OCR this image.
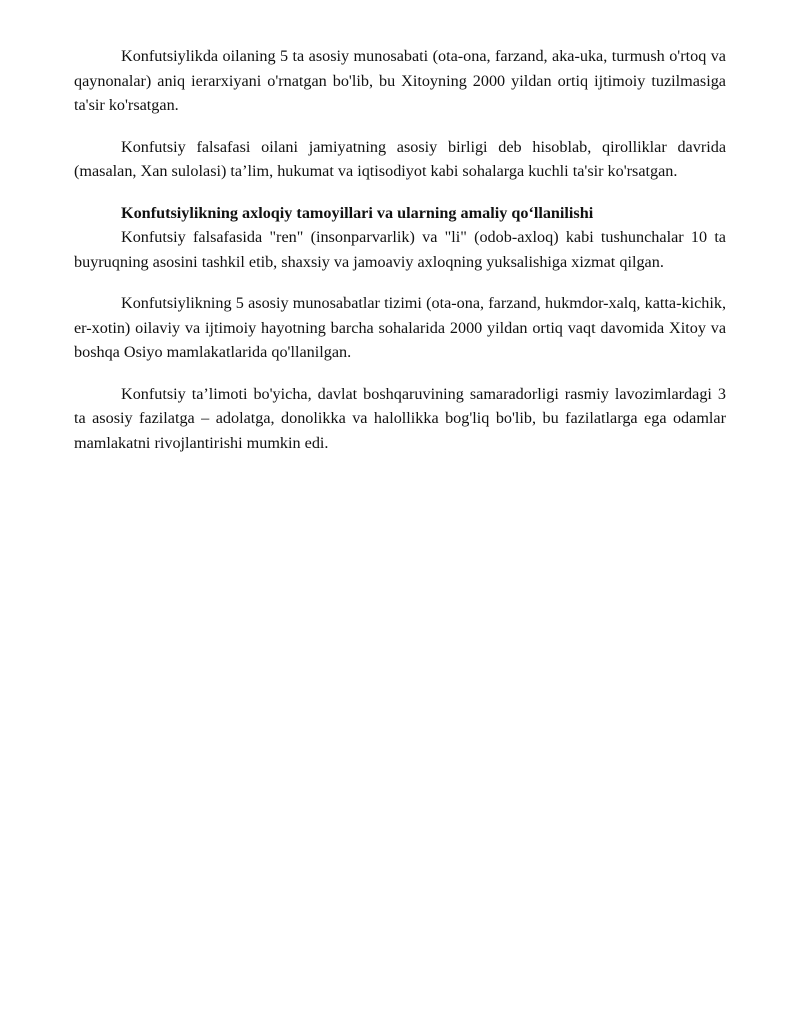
Konfutsiylikda oilaning 5 ta asosiy munosabati (ota-ona, farzand, aka-uka, turmush o'rtoq va qaynonalar) aniq ierarxiyani o'rnatgan bo'lib, bu Xitoyning 2000 yildan ortiq ijtimoiy tuzilmasiga ta'sir ko'rsatgan.

Konfutsiy falsafasi oilani jamiyatning asosiy birligi deb hisoblab, qirolliklar davrida (masalan, Xan sulolasi) ta’lim, hukumat va iqtisodiyot kabi sohalarga kuchli ta'sir ko'rsatgan.

Konfutsiylikning axloqiy tamoyillari va ularning amaliy qo‘llanilishi

Konfutsiy falsafasida "ren" (insonparvarlik) va "li" (odob-axloq) kabi tushunchalar 10 ta buyruqning asosini tashkil etib, shaxsiy va jamoaviy axloqning yuksalishiga xizmat qilgan.

Konfutsiylikning 5 asosiy munosabatlar tizimi (ota-ona, farzand, hukmdor-xalq, katta-kichik, er-xotin) oilaviy va ijtimoiy hayotning barcha sohalarida 2000 yildan ortiq vaqt davomida Xitoy va boshqa Osiyo mamlakatlarida qo'llanilgan.

Konfutsiy ta’limoti bo'yicha, davlat boshqaruvining samaradorligi rasmiy lavozimlardagi 3 ta asosiy fazilatga – adolatga, donolikka va halollikka bog'liq bo'lib, bu fazilatlarga ega odamlar mamlakatni rivojlantirishi mumkin edi.
